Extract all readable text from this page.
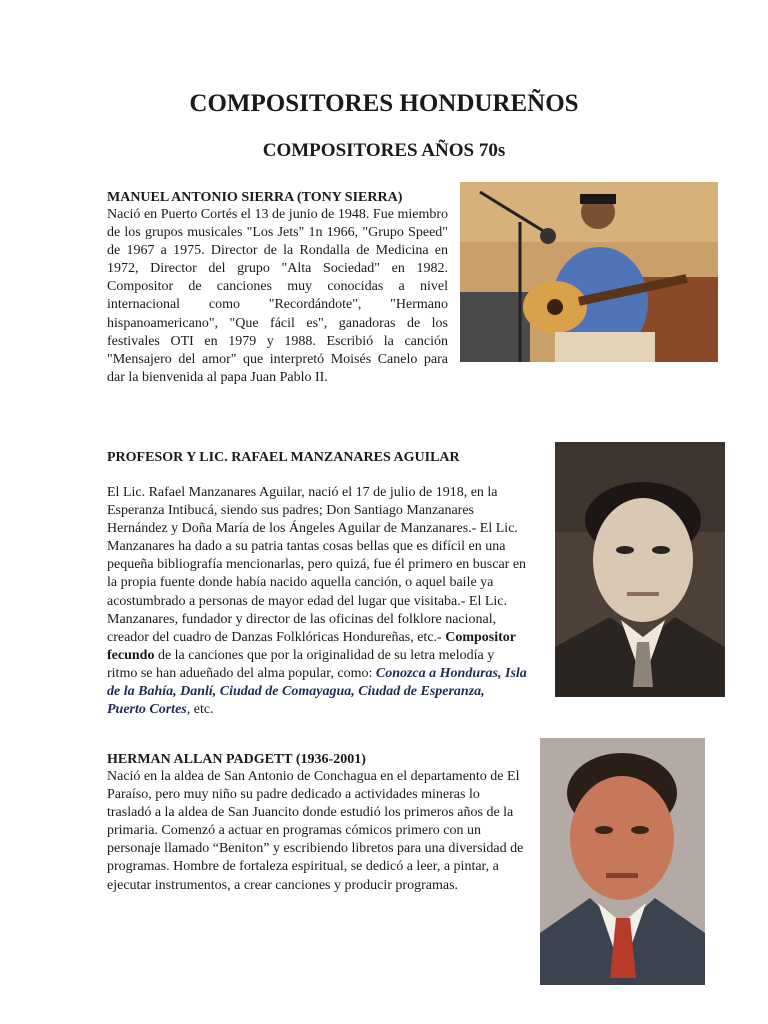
COMPOSITORES HONDUREÑOS
COMPOSITORES AÑOS 70s

MANUEL ANTONIO SIERRA (TONY SIERRA)

Nació en Puerto Cortés el 13 de junio de 1948. Fue miembro de los grupos musicales "Los Jets" 1n 1966, "Grupo Speed" de 1967 a 1975. Director de la Rondalla de Medicina en 1972, Director del grupo "Alta Sociedad" en 1982. Compositor de canciones muy conocidas a nivel internacional como "Recordándote", "Hermano hispanoamericano", "Que fácil es", ganadoras de los festivales OTI en 1979 y 1988. Escribió la canción "Mensajero del amor" que interpretó Moisés Canelo para dar la bienvenida al papa Juan Pablo II.

PROFESOR Y LIC. RAFAEL MANZANARES AGUILAR

El Lic. Rafael Manzanares Aguilar, nació el 17 de julio de 1918, en la Esperanza Intibucá, siendo sus padres; Don Santiago Manzanares Hernández y Doña María de los Ángeles Aguilar de Manzanares.- El Lic. Manzanares ha dado a su patria tantas cosas bellas que es difícil en una pequeña bibliografía mencionarlas, pero quizá, fue él primero en buscar en la propia fuente donde había nacido aquella canción, o aquel baile ya acostumbrado a personas de mayor edad del lugar que visitaba.- El Lic. Manzanares, fundador y director de las oficinas del folklore nacional, creador del cuadro de Danzas Folklóricas Hondureñas, etc.- Compositor fecundo de la canciones que por la originalidad de su letra melodía y ritmo se han adueñado del alma popular, como: Conozca a Honduras, Isla de la Bahía, Danlí, Ciudad de Comayagua, Ciudad de Esperanza, Puerto Cortes, etc.

HERMAN ALLAN PADGETT (1936-2001)

Nació en la aldea de San Antonio de Conchagua en el departamento de El Paraíso, pero muy niño su padre dedicado a actividades mineras lo trasladó a la aldea de San Juancito donde estudió los primeros años de la primaria. Comenzó a actuar en programas cómicos primero con un personaje llamado “Beniton” y escribiendo libretos para una diversidad de programas. Hombre de fortaleza espiritual, se dedicó a leer, a pintar, a ejecutar instrumentos, a crear canciones y producir programas.
